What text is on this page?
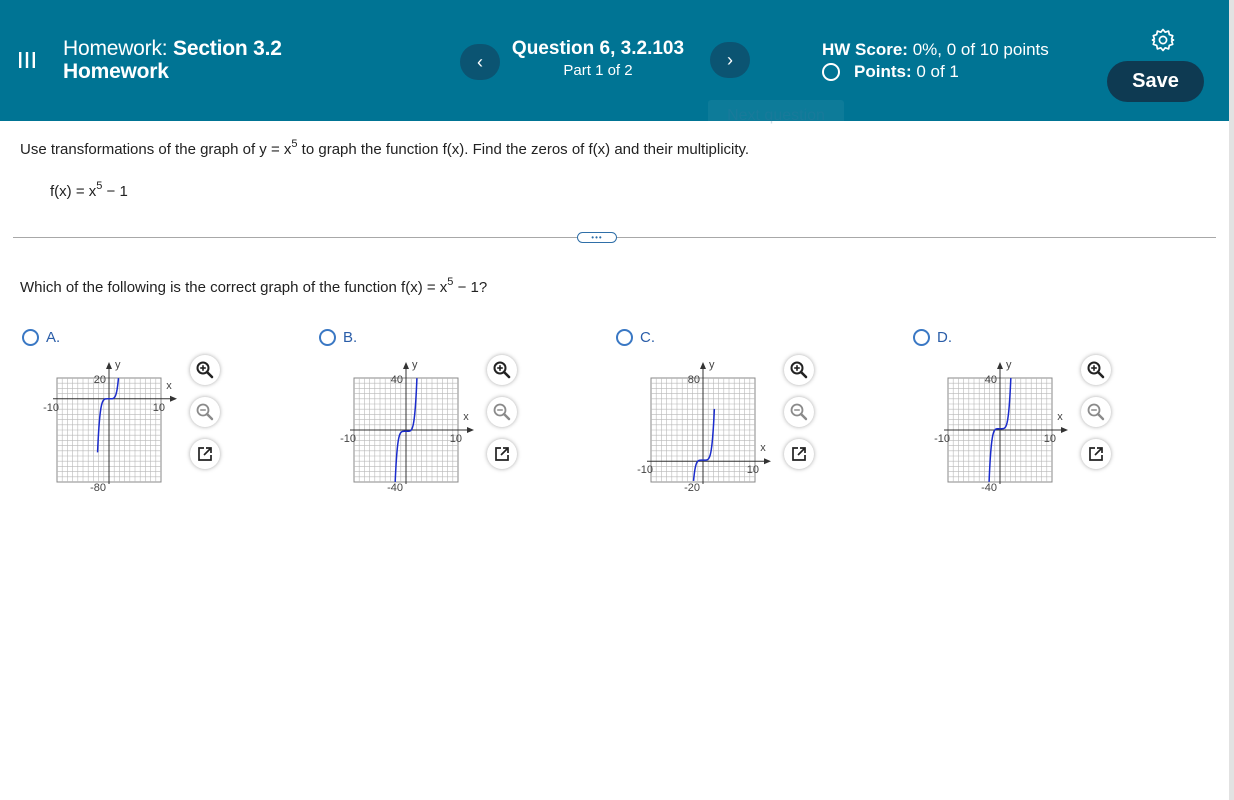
Homework: Section 3.2
Homework	‹
Question 6, 3.2.103
Part 1 of 2
›	HW Score: 0%, 0 of 10 points
Points: 0 of 1	Save
Next question
Use transformations of the graph of $y = x^5$ to graph the function f(x). Find the zeros of f(x) and their multiplicity.
$f(x) = x^5 - 1$
•••
Which of the following is the correct graph of the function $f(x) = x^5 - 1$?
A.	B.	C.	D.
20
-80
y
x
-10	10
40
-40
y
x
-10	10
80
-20
y
x
-10	10
40
-40
y
x
-10	10
